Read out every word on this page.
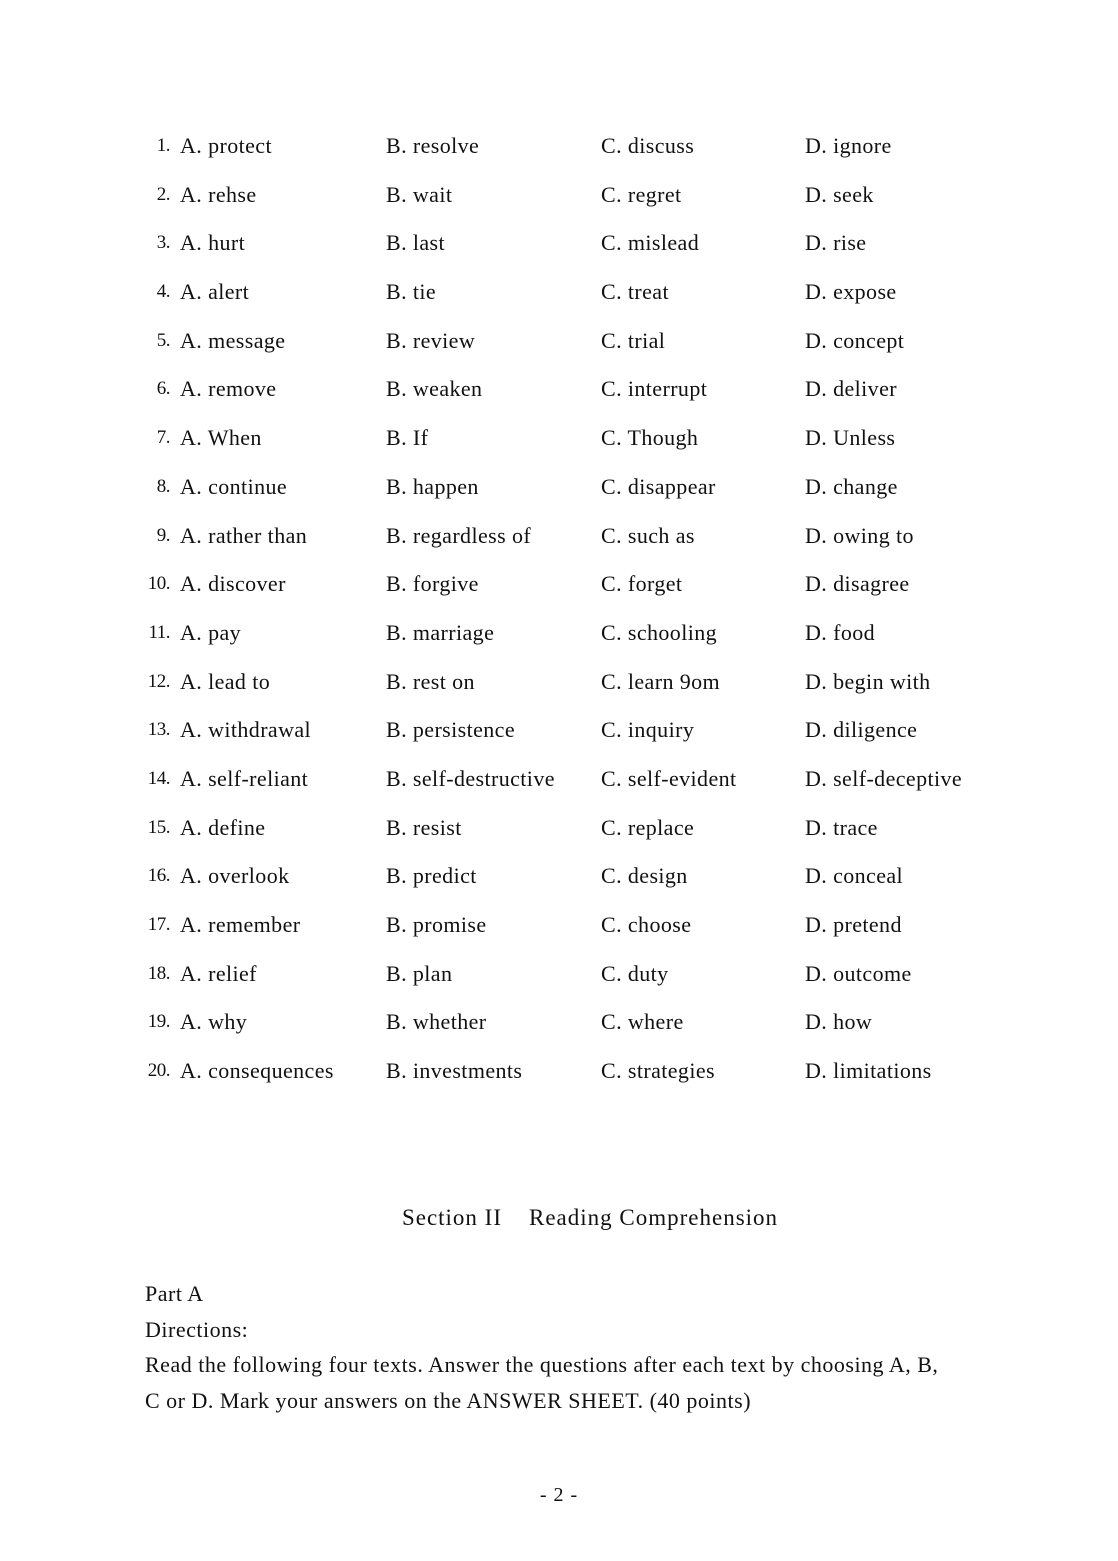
1. A. protect	B. resolve	C. discuss	D. ignore
2. A. rehse	B. wait	C. regret	D. seek
3. A. hurt	B. last	C. mislead	D. rise
4. A. alert	B. tie	C. treat	D. expose
5. A. message	B. review	C. trial	D. concept
6. A. remove	B. weaken	C. interrupt	D. deliver
7. A. When	B. If	C. Though	D. Unless
8. A. continue	B. happen	C. disappear	D. change
9. A. rather than	B. regardless of	C. such as	D. owing to
10. A. discover	B. forgive	C. forget	D. disagree
11. A. pay	B. marriage	C. schooling	D. food
12. A. lead to	B. rest on	C. learn 9om	D. begin with
13. A. withdrawal	B. persistence	C. inquiry	D. diligence
14. A. self-reliant	B. self-destructive C. self-evident	D. self-deceptive
15. A. define	B. resist	C. replace	D. trace
16. A. overlook	B. predict	C. design	D. conceal
17. A. remember	B. promise	C. choose	D. pretend
18. A. relief	B. plan	C. duty	D. outcome
19. A. why	B. whether	C. where	D. how
20. A. consequences B. investments	C. strategies	D. limitations
Section II    Reading Comprehension
Part A
Directions:
Read the following four texts. Answer the questions after each text by choosing A, B,
C or D. Mark your answers on the ANSWER SHEET. (40 points)
- 2 -
